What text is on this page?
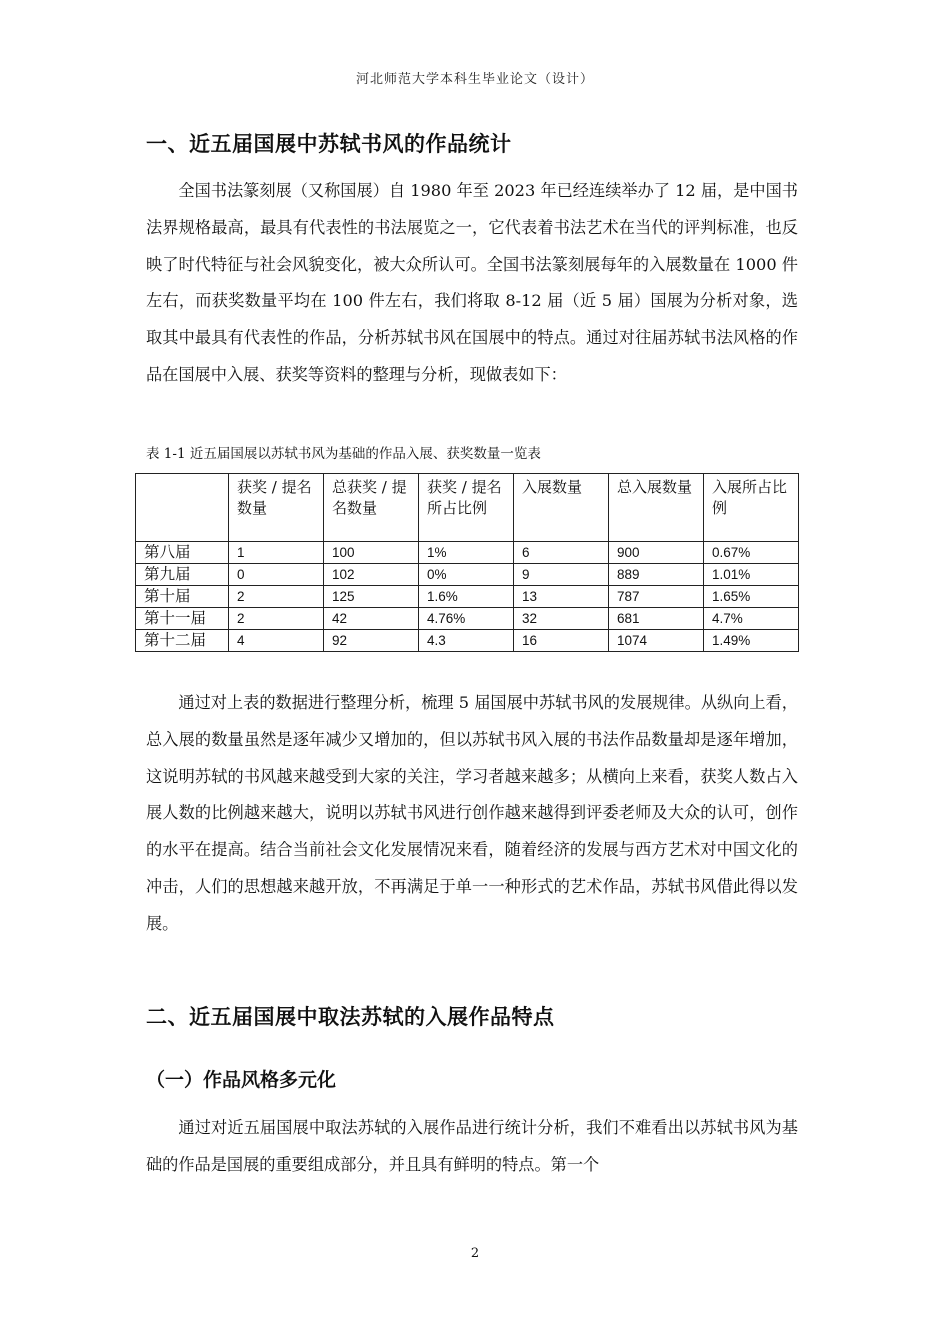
河北师范大学本科生毕业论文（设计）
一、近五届国展中苏轼书风的作品统计

全国书法篆刻展（又称国展）自 1980 年至 2023 年已经连续举办了 12 届，是中国书法界规格最高，最具有代表性的书法展览之一，它代表着书法艺术在当代的评判标准，也反映了时代特征与社会风貌变化，被大众所认可。全国书法篆刻展每年的入展数量在 1000 件左右，而获奖数量平均在 100 件左右，我们将取 8-12 届（近 5 届）国展为分析对象，选取其中最具有代表性的作品，分析苏轼书风在国展中的特点。通过对往届苏轼书法风格的作品在国展中入展、获奖等资料的整理与分析，现做表如下：

表 1-1 近五届国展以苏轼书风为基础的作品入展、获奖数量一览表
	获奖 / 提名数量	总获奖 / 提名数量	获奖 / 提名所占比例	入展数量	总入展数量	入展所占比例
第八届	1	100	1%	6	900	0.67%
第九届	0	102	0%	9	889	1.01%
第十届	2	125	1.6%	13	787	1.65%
第十一届	2	42	4.76%	32	681	4.7%
第十二届	4	92	4.3	16	1074	1.49%

通过对上表的数据进行整理分析，梳理 5 届国展中苏轼书风的发展规律。从纵向上看，总入展的数量虽然是逐年减少又增加的，但以苏轼书风入展的书法作品数量却是逐年增加，这说明苏轼的书风越来越受到大家的关注，学习者越来越多；从横向上来看，获奖人数占入展人数的比例越来越大，说明以苏轼书风进行创作越来越得到评委老师及大众的认可，创作的水平在提高。结合当前社会文化发展情况来看，随着经济的发展与西方艺术对中国文化的冲击，人们的思想越来越开放，不再满足于单一一种形式的艺术作品，苏轼书风借此得以发展。

二、近五届国展中取法苏轼的入展作品特点
（一）作品风格多元化

通过对近五届国展中取法苏轼的入展作品进行统计分析，我们不难看出以苏轼书风为基础的作品是国展的重要组成部分，并且具有鲜明的特点。第一个

2
